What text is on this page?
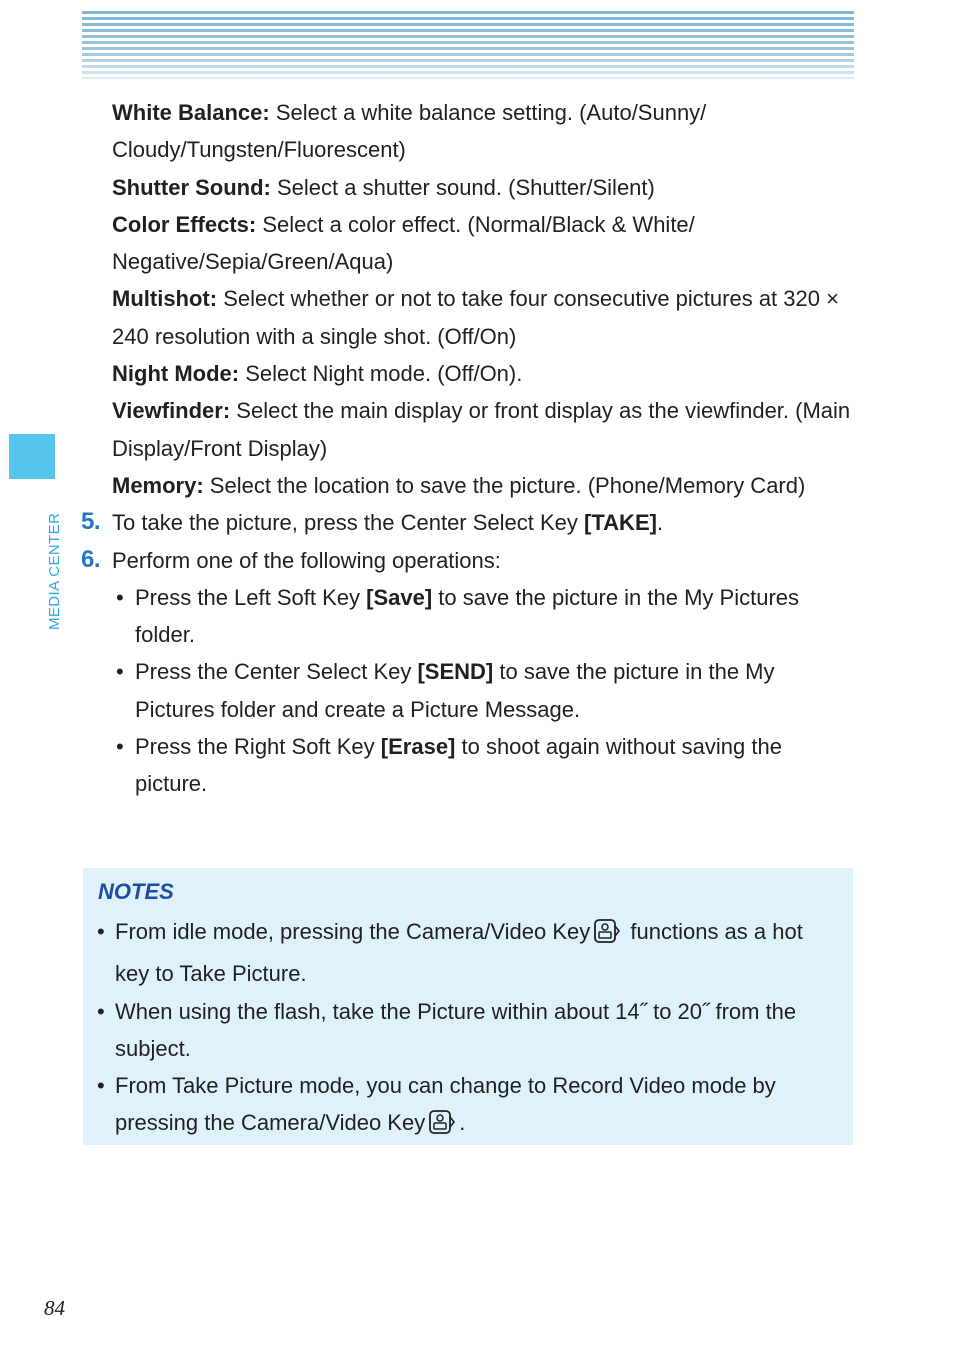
MEDIA CENTER

White Balance: Select a white balance setting. (Auto/Sunny/ Cloudy/Tungsten/Fluorescent)

Shutter Sound: Select a shutter sound. (Shutter/Silent)

Color Effects: Select a color effect. (Normal/Black & White/ Negative/Sepia/Green/Aqua)

Multishot: Select whether or not to take four consecutive pictures at 320 × 240 resolution with a single shot. (Off/On)

Night Mode: Select Night mode. (Off/On).

Viewfinder: Select the main display or front display as the viewfinder. (Main Display/Front Display)

Memory: Select the location to save the picture. (Phone/Memory Card)

5. To take the picture, press the Center Select Key [TAKE].

6. Perform one of the following operations:

• Press the Left Soft Key [Save] to save the picture in the My Pictures folder.
• Press the Center Select Key [SEND] to save the picture in the My Pictures folder and create a Picture Message.
• Press the Right Soft Key [Erase] to shoot again without saving the picture.
NOTES
• From idle mode, pressing the Camera/Video Key functions as a hot key to Take Picture.
• When using the flash, take the Picture within about 14˝ to 20˝ from the subject.
• From Take Picture mode, you can change to Record Video mode by pressing the Camera/Video Key .
84
